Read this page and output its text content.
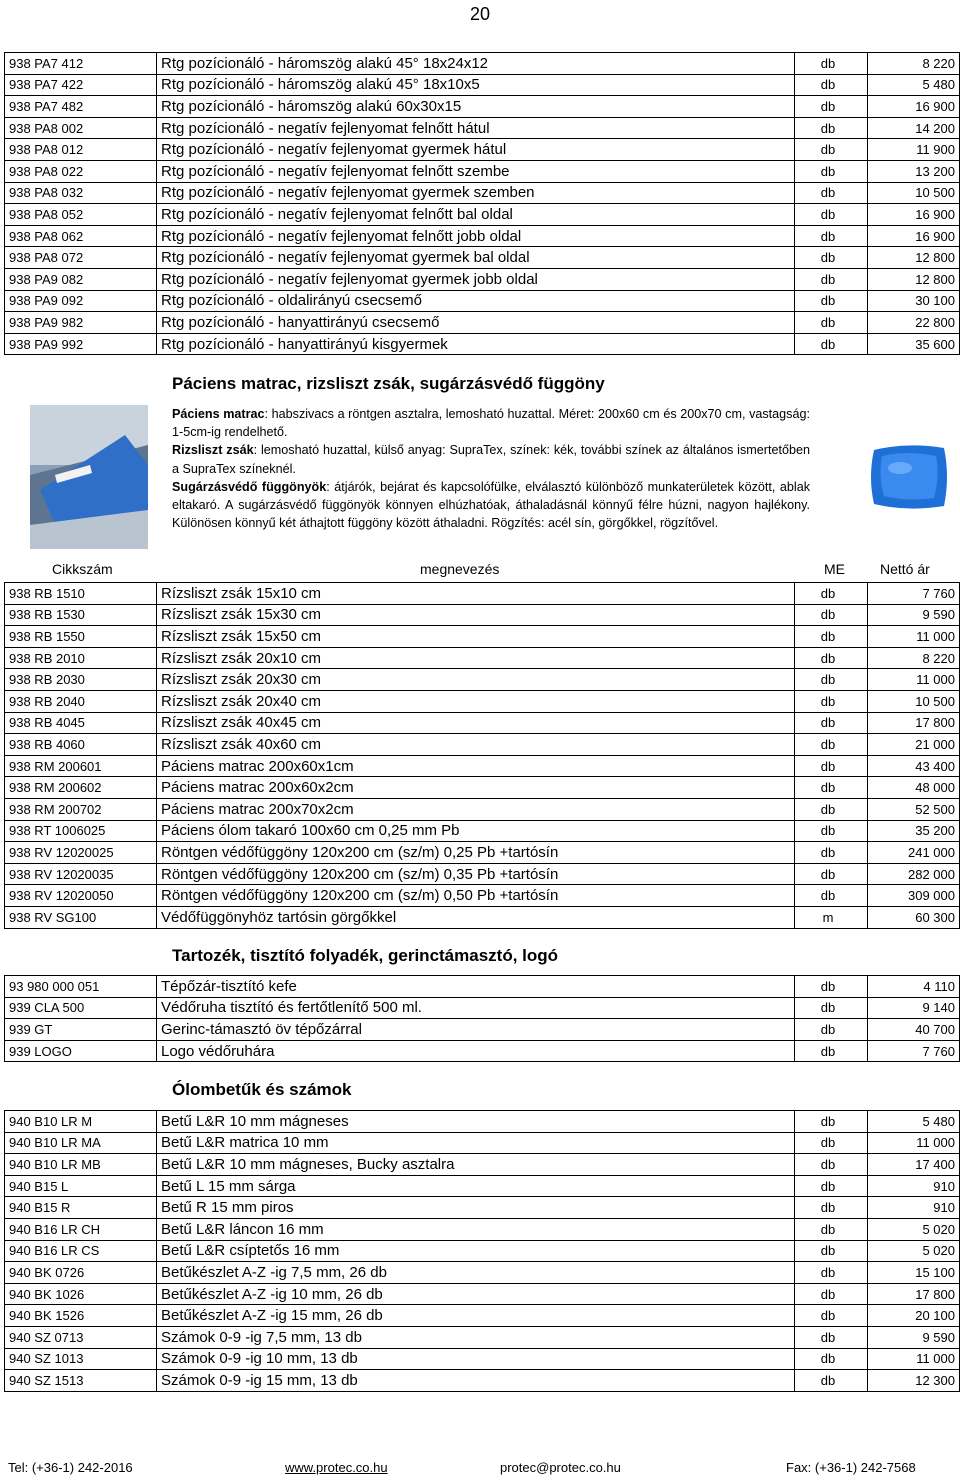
20
938 PA7 412	Rtg pozícionáló - háromszög alakú 45° 18x24x12	db	8 220
938 PA7 422	Rtg pozícionáló - háromszög alakú 45° 18x10x5	db	5 480
938 PA7 482	Rtg pozícionáló - háromszög alakú 60x30x15	db	16 900
938 PA8 002	Rtg pozícionáló - negatív fejlenyomat felnőtt hátul	db	14 200
938 PA8 012	Rtg pozícionáló - negatív fejlenyomat gyermek hátul	db	11 900
938 PA8 022	Rtg pozícionáló - negatív fejlenyomat felnőtt szembe	db	13 200
938 PA8 032	Rtg pozícionáló - negatív fejlenyomat gyermek szemben	db	10 500
938 PA8 052	Rtg pozícionáló - negatív fejlenyomat felnőtt bal oldal	db	16 900
938 PA8 062	Rtg pozícionáló - negatív fejlenyomat felnőtt jobb oldal	db	16 900
938 PA8 072	Rtg pozícionáló - negatív fejlenyomat gyermek bal oldal	db	12 800
938 PA9 082	Rtg pozícionáló - negatív fejlenyomat gyermek jobb oldal	db	12 800
938 PA9 092	Rtg pozícionáló - oldalirányú csecsemő	db	30 100
938 PA9 982	Rtg pozícionáló - hanyattirányú csecsemő	db	22 800
938 PA9 992	Rtg pozícionáló - hanyattirányú kisgyermek	db	35 600
Páciens matrac, rizsliszt zsák, sugárzásvédő függöny
Páciens matrac: habszivacs a röntgen asztalra, lemosható huzattal. Méret: 200x60 cm és 200x70 cm, vastagság: 1-5cm-ig rendelhető.
Rizsliszt zsák: lemosható huzattal, külső anyag: SupraTex, színek: kék, további színek az általános ismertetőben a SupraTex színeknél.
Sugárzásvédő függönyök: átjárók, bejárat és kapcsolófülke, elválasztó különböző munkaterületek között, ablak eltakaró. A sugárzásvédő függönyök könnyen elhúzhatóak, áthaladásnál könnyű félre húzni, nagyon hajlékony. Különösen könnyű két áthajtott függöny között áthaladni. Rögzítés: acél sín, görgőkkel, rögzítővel.
Cikkszám	megnevezés	ME	Nettó ár
938 RB 1510	Rízsliszt zsák 15x10 cm	db	7 760
938 RB 1530	Rízsliszt zsák 15x30 cm	db	9 590
938 RB 1550	Rízsliszt zsák 15x50 cm	db	11 000
938 RB 2010	Rízsliszt zsák 20x10 cm	db	8 220
938 RB 2030	Rízsliszt zsák 20x30 cm	db	11 000
938 RB 2040	Rízsliszt zsák 20x40 cm	db	10 500
938 RB 4045	Rízsliszt zsák 40x45 cm	db	17 800
938 RB 4060	Rízsliszt zsák 40x60 cm	db	21 000
938 RM 200601	Páciens matrac 200x60x1cm	db	43 400
938 RM 200602	Páciens matrac 200x60x2cm	db	48 000
938 RM 200702	Páciens matrac 200x70x2cm	db	52 500
938 RT 1006025	Páciens ólom takaró 100x60 cm 0,25 mm Pb	db	35 200
938 RV 12020025	Röntgen védőfüggöny 120x200 cm (sz/m) 0,25 Pb +tartósín	db	241 000
938 RV 12020035	Röntgen védőfüggöny 120x200 cm (sz/m) 0,35 Pb +tartósín	db	282 000
938 RV 12020050	Röntgen védőfüggöny 120x200 cm (sz/m) 0,50 Pb +tartósín	db	309 000
938 RV SG100	Védőfüggönyhöz tartósin görgőkkel	m	60 300
Tartozék, tisztító folyadék, gerinctámasztó, logó
93 980 000 051	Tépőzár-tisztító kefe	db	4 110
939 CLA 500	Védőruha tisztító és fertőtlenítő 500 ml.	db	9 140
939 GT	Gerinc-támasztó öv tépőzárral	db	40 700
939 LOGO	Logo védőruhára	db	7 760
Ólombetűk és számok
940 B10 LR M	Betű L&R 10 mm mágneses	db	5 480
940 B10 LR MA	Betű L&R matrica 10 mm	db	11 000
940 B10 LR MB	Betű L&R 10 mm mágneses, Bucky asztalra	db	17 400
940 B15 L	Betű L 15 mm sárga	db	910
940 B15 R	Betű R 15 mm piros	db	910
940 B16 LR CH	Betű L&R láncon 16 mm	db	5 020
940 B16 LR CS	Betű L&R csíptetős 16 mm	db	5 020
940 BK 0726	Betűkészlet A-Z -ig 7,5 mm, 26 db	db	15 100
940 BK 1026	Betűkészlet A-Z -ig 10 mm, 26 db	db	17 800
940 BK 1526	Betűkészlet A-Z -ig 15 mm, 26 db	db	20 100
940 SZ 0713	Számok 0-9 -ig 7,5 mm, 13 db	db	9 590
940 SZ 1013	Számok 0-9 -ig 10 mm, 13 db	db	11 000
940 SZ 1513	Számok 0-9 -ig 15 mm, 13 db	db	12 300
Tel: (+36-1) 242-2016	www.protec.co.hu	protec@protec.co.hu	Fax: (+36-1) 242-7568
